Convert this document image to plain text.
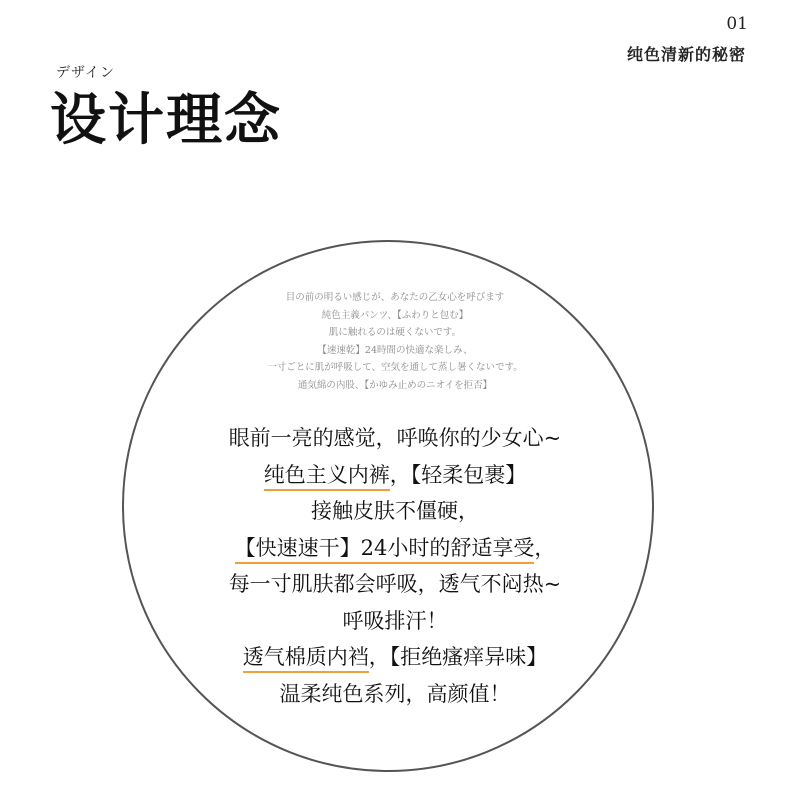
01
纯色清新的秘密
デザイン
设计理念
目の前の明るい感じが、あなたの乙女心を呼びます
純色主義パンツ、【ふわりと包む】
肌に触れるのは硬くないです。
【速速乾】24時間の快適な楽しみ、
一寸ごとに肌が呼吸して、空気を通して蒸し暑くないです。
通気綿の内股、【かゆみ止めのニオイを拒否】
眼前一亮的感觉，呼唤你的少女心~
纯色主义内裤，【轻柔包裹】
接触皮肤不僵硬，
【快速速干】24小时的舒适享受，
每一寸肌肤都会呼吸，透气不闷热~
呼吸排汗！
透气棉质内裆，【拒绝瘙痒异味】
温柔纯色系列，高颜值！
